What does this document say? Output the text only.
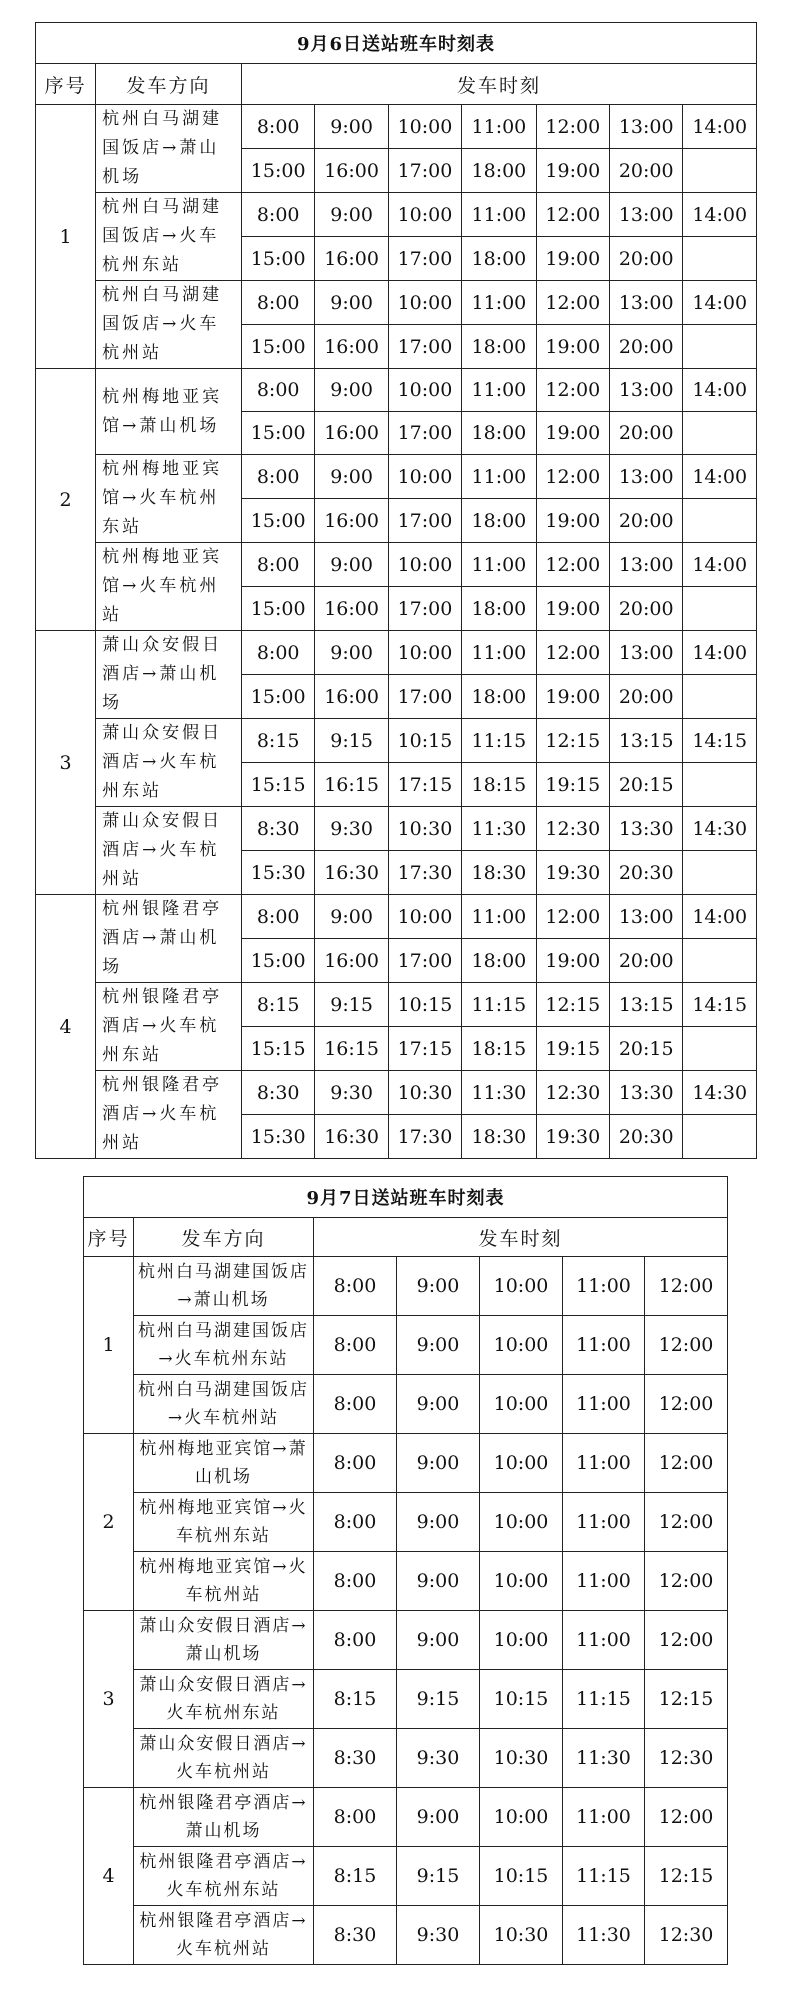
9月6日送站班车时刻表								
序号	发车方向	发车时刻						
1	杭州白马湖建国饭店→萧山机场	8:00	9:00	10:00	11:00	12:00	13:00	14:00
		15:00	16:00	17:00	18:00	19:00	20:00	
	杭州白马湖建国饭店→火车杭州东站	8:00	9:00	10:00	11:00	12:00	13:00	14:00
		15:00	16:00	17:00	18:00	19:00	20:00	
	杭州白马湖建国饭店→火车杭州站	8:00	9:00	10:00	11:00	12:00	13:00	14:00
		15:00	16:00	17:00	18:00	19:00	20:00	
2	杭州梅地亚宾馆→萧山机场	8:00	9:00	10:00	11:00	12:00	13:00	14:00
		15:00	16:00	17:00	18:00	19:00	20:00	
	杭州梅地亚宾馆→火车杭州东站	8:00	9:00	10:00	11:00	12:00	13:00	14:00
		15:00	16:00	17:00	18:00	19:00	20:00	
	杭州梅地亚宾馆→火车杭州站	8:00	9:00	10:00	11:00	12:00	13:00	14:00
		15:00	16:00	17:00	18:00	19:00	20:00	
3	萧山众安假日酒店→萧山机场	8:00	9:00	10:00	11:00	12:00	13:00	14:00
		15:00	16:00	17:00	18:00	19:00	20:00	
	萧山众安假日酒店→火车杭州东站	8:15	9:15	10:15	11:15	12:15	13:15	14:15
		15:15	16:15	17:15	18:15	19:15	20:15	
	萧山众安假日酒店→火车杭州站	8:30	9:30	10:30	11:30	12:30	13:30	14:30
		15:30	16:30	17:30	18:30	19:30	20:30	
4	杭州银隆君亭酒店→萧山机场	8:00	9:00	10:00	11:00	12:00	13:00	14:00
		15:00	16:00	17:00	18:00	19:00	20:00	
	杭州银隆君亭酒店→火车杭州东站	8:15	9:15	10:15	11:15	12:15	13:15	14:15
		15:15	16:15	17:15	18:15	19:15	20:15	
	杭州银隆君亭酒店→火车杭州站	8:30	9:30	10:30	11:30	12:30	13:30	14:30
		15:30	16:30	17:30	18:30	19:30	20:30	
9月7日送站班车时刻表						
序号	发车方向	发车时刻				
1	杭州白马湖建国饭店→萧山机场	8:00	9:00	10:00	11:00	12:00
	杭州白马湖建国饭店→火车杭州东站	8:00	9:00	10:00	11:00	12:00
	杭州白马湖建国饭店→火车杭州站	8:00	9:00	10:00	11:00	12:00
2	杭州梅地亚宾馆→萧山机场	8:00	9:00	10:00	11:00	12:00
	杭州梅地亚宾馆→火车杭州东站	8:00	9:00	10:00	11:00	12:00
	杭州梅地亚宾馆→火车杭州站	8:00	9:00	10:00	11:00	12:00
3	萧山众安假日酒店→萧山机场	8:00	9:00	10:00	11:00	12:00
	萧山众安假日酒店→火车杭州东站	8:15	9:15	10:15	11:15	12:15
	萧山众安假日酒店→火车杭州站	8:30	9:30	10:30	11:30	12:30
4	杭州银隆君亭酒店→萧山机场	8:00	9:00	10:00	11:00	12:00
	杭州银隆君亭酒店→火车杭州东站	8:15	9:15	10:15	11:15	12:15
	杭州银隆君亭酒店→火车杭州站	8:30	9:30	10:30	11:30	12:30
